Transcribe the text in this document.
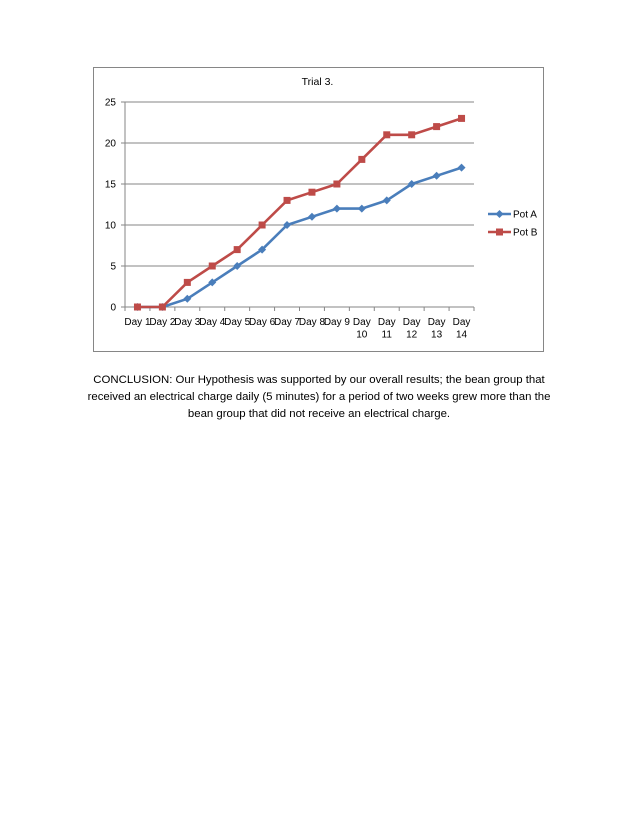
Trial 3.
0
5
10
15
20
25
Day 1
Day 2
Day 3
Day 4
Day 5
Day 6
Day 7
Day 8
Day 9 Day 10
Day 11
Day 12
Day 13
Day 14
Pot A
Pot B

CONCLUSION: Our Hypothesis was supported by our overall results; the bean group that received an electrical charge daily (5 minutes) for a period of two weeks grew more than the bean group that did not receive an electrical charge.
